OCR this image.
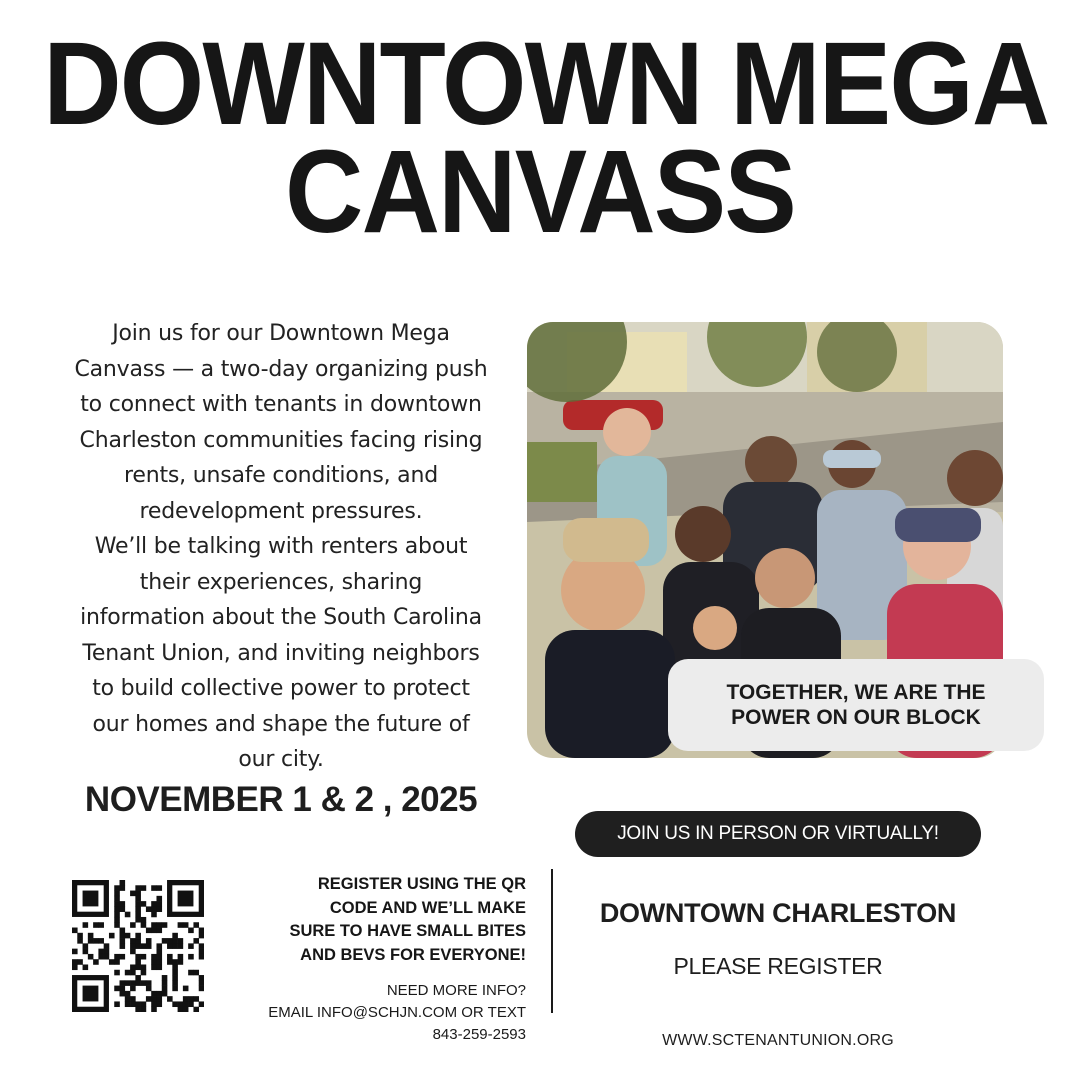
DOWNTOWN MEGA
CANVASS
Join us for our Downtown Mega
Canvass — a two-day organizing push
to connect with tenants in downtown
Charleston communities facing rising
rents, unsafe conditions, and
redevelopment pressures.
We’ll be talking with renters about
their experiences, sharing
information about the South Carolina
Tenant Union, and inviting neighbors
to build collective power to protect
our homes and shape the future of
our city.
NOVEMBER 1 & 2 , 2025
TOGETHER, WE ARE THE
POWER ON OUR BLOCK
JOIN US IN PERSON OR VIRTUALLY!
REGISTER USING THE QR
CODE AND WE’LL MAKE
SURE TO HAVE SMALL BITES
AND BEVS FOR EVERYONE!
NEED MORE INFO?
EMAIL INFO@SCHJN.COM OR TEXT
843-259-2593
DOWNTOWN CHARLESTON
PLEASE REGISTER
WWW.SCTENANTUNION.ORG
